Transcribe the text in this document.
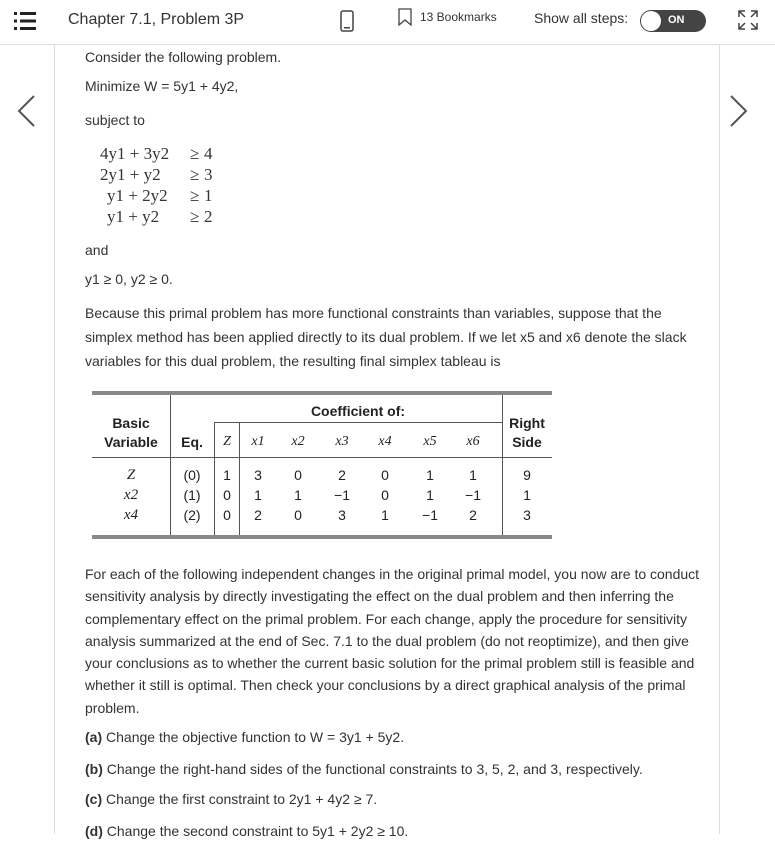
Chapter 7.1, Problem 3P	13 Bookmarks	Show all steps:	ON

Consider the following problem.

Minimize W = 5y1 + 4y2,

subject to

4y1 + 3y2 ≥ 4
2y1 + y2 ≥ 3
y1 + 2y2 ≥ 1
y1 + y2 ≥ 2

and

y1 ≥ 0, y2 ≥ 0.

Because this primal problem has more functional constraints than variables, suppose that the simplex method has been applied directly to its dual problem. If we let x5 and x6 denote the slack variables for this dual problem, the resulting final simplex tableau is

Coefficient of:
Basic
Variable	Eq.
Right
Side
Z	x1	x2	x3	x4	x5	x6
Z	(0)	1	3	0	2	0	1	1	9
x2	(1)	0	1	1	−1	0	1	−1	1
x4	(2)	0	2	0	3	1	−1	2	3

For each of the following independent changes in the original primal model, you now are to conduct sensitivity analysis by directly investigating the effect on the dual problem and then inferring the complementary effect on the primal problem. For each change, apply the procedure for sensitivity analysis summarized at the end of Sec. 7.1 to the dual problem (do not reoptimize), and then give your conclusions as to whether the current basic solution for the primal problem still is feasible and whether it still is optimal. Then check your conclusions by a direct graphical analysis of the primal problem.

(a) Change the objective function to W = 3y1 + 5y2.

(b) Change the right-hand sides of the functional constraints to 3, 5, 2, and 3, respectively.

(c) Change the first constraint to 2y1 + 4y2 ≥ 7.

(d) Change the second constraint to 5y1 + 2y2 ≥ 10.
